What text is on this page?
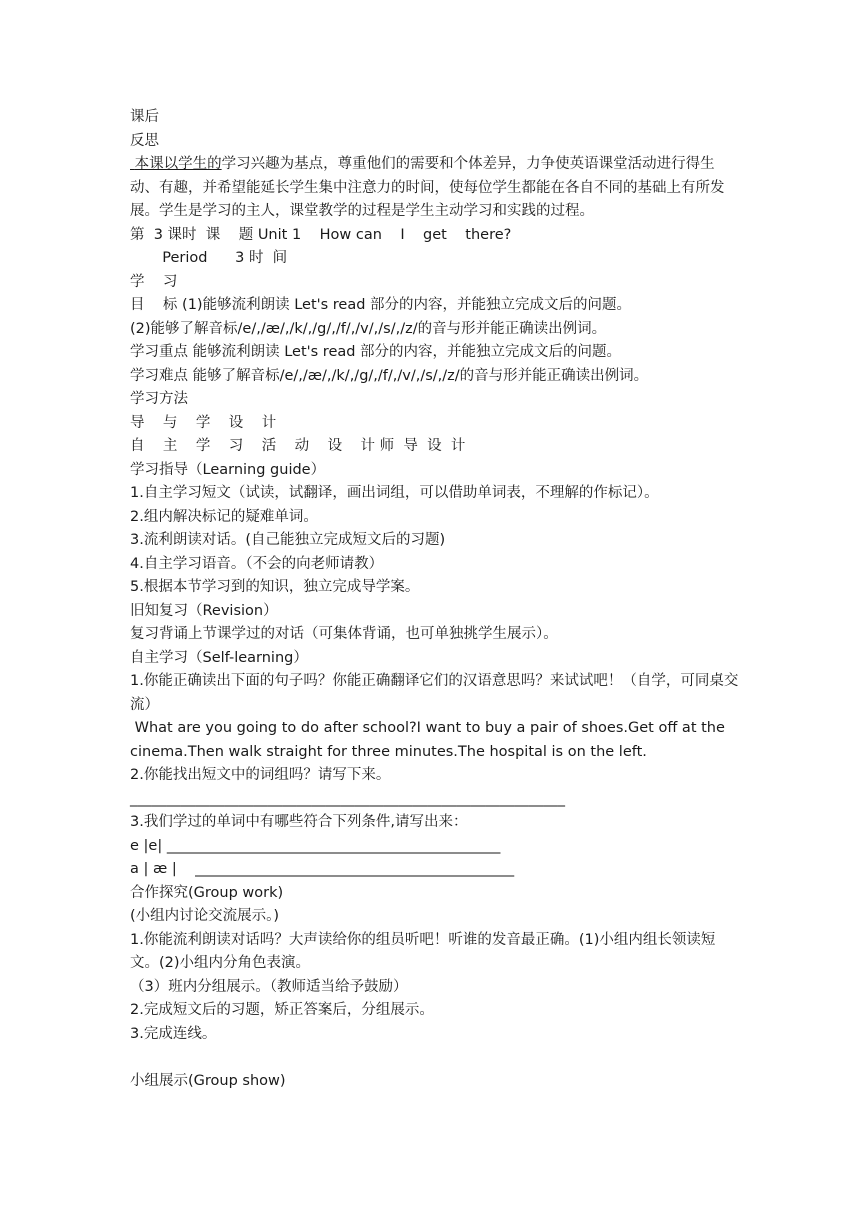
课后
反思
本课以学生的学习兴趣为基点，尊重他们的需要和个体差异，力争使英语课堂活动进行得生动、有趣，并希望能延长学生集中注意力的时间，使每位学生都能在各自不同的基础上有所发展。学生是学习的主人，课堂教学的过程是学生主动学习和实践的过程。
第  3 课时  课    题 Unit 1    How can    I    get    there?
Period      3 时  间
学    习
目    标 (1)能够流利朗读 Let's read 部分的内容，并能独立完成文后的问题。
(2)能够了解音标/e/,/æ/,/k/,/g/,/f/,/v/,/s/,/z/的音与形并能正确读出例词。
学习重点 能够流利朗读 Let's read 部分的内容，并能独立完成文后的问题。
学习难点 能够了解音标/e/,/æ/,/k/,/g/,/f/,/v/,/s/,/z/的音与形并能正确读出例词。
学习方法
导    与    学    设    计
自    主    学    习    活    动    设    计 师  导  设  计
学习指导（Learning guide）
1.自主学习短文（试读，试翻译，画出词组，可以借助单词表，不理解的作标记）。
2.组内解决标记的疑难单词。
3.流利朗读对话。(自己能独立完成短文后的习题)
4.自主学习语音。（不会的向老师请教）
5.根据本节学习到的知识，独立完成导学案。
旧知复习（Revision）
复习背诵上节课学过的对话（可集体背诵，也可单独挑学生展示）。
自主学习（Self-learning）
1.你能正确读出下面的句子吗？你能正确翻译它们的汉语意思吗？来试试吧！（自学，可同桌交流）
What are you going to do after school?I want to buy a pair of shoes.Get off at the cinema.Then walk straight for three minutes.The hospital is on the left.
2.你能找出短文中的词组吗？请写下来。
____________________________________________________________
3.我们学过的单词中有哪些符合下列条件,请写出来：
e |e| ______________________________________________
a | æ |    ____________________________________________
合作探究(Group work)
(小组内讨论交流展示。)
1.你能流利朗读对话吗？大声读给你的组员听吧！听谁的发音最正确。(1)小组内组长领读短文。(2)小组内分角色表演。
（3）班内分组展示。（教师适当给予鼓励）
2.完成短文后的习题，矫正答案后，分组展示。
3.完成连线。
小组展示(Group show)
